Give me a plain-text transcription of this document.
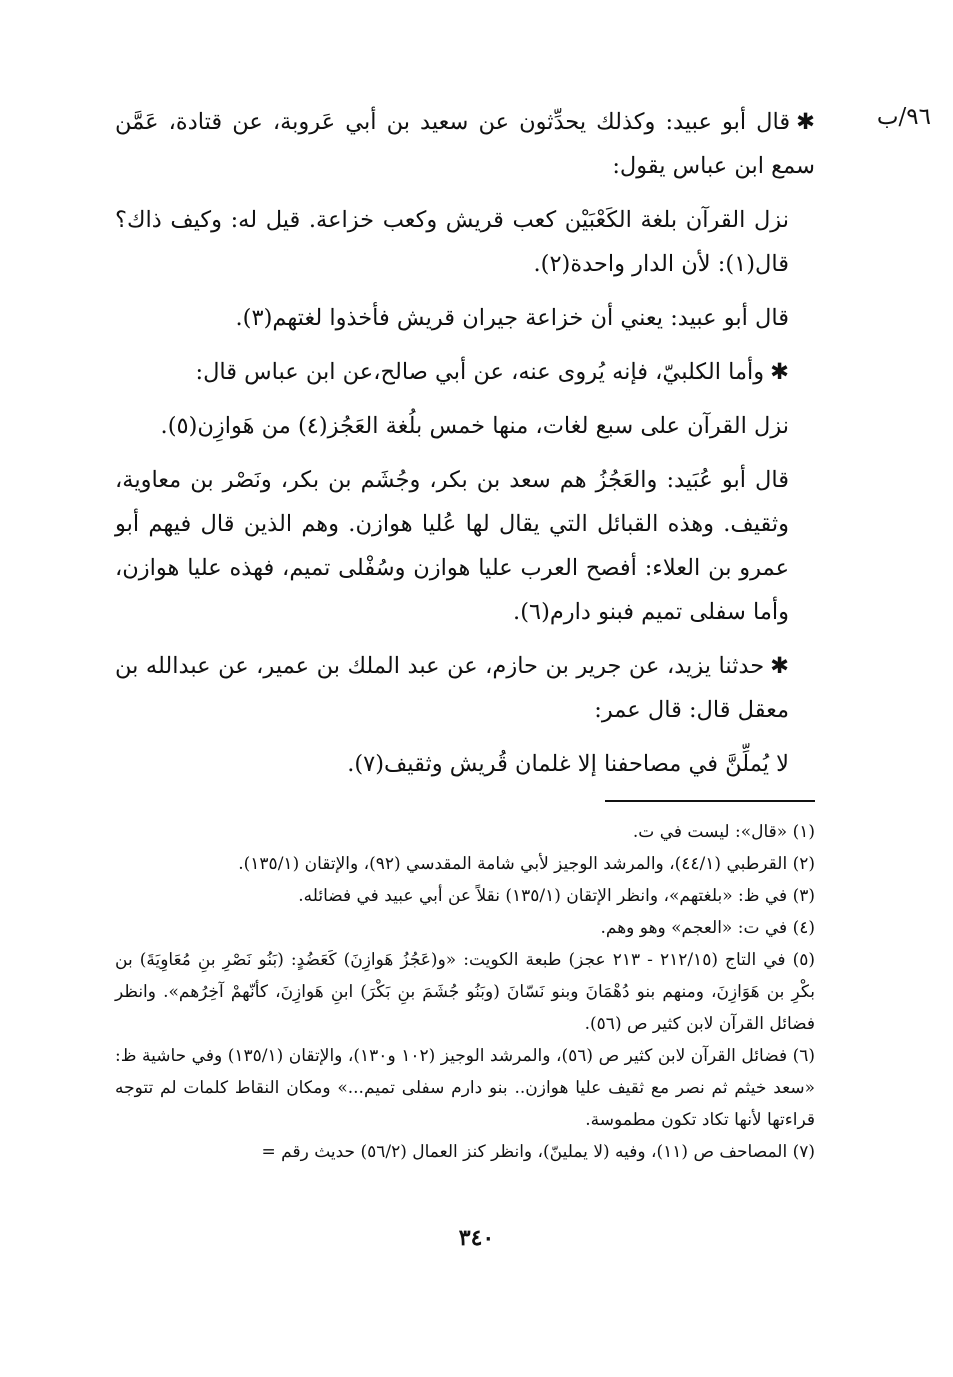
٩٦/ب

✱قال أبو عبيد: وكذلك يحدِّثون عن سعيد بن أبي عَروبة، عن قتادة، عَمَّن سمع ابن عباس يقول:

نزل القرآن بلغة الكَعْبَيْن كعب قريش وكعب خزاعة. قيل له: وكيف ذاك؟ قال(١): لأن الدار واحدة(٢).

قال أبو عبيد: يعني أن خزاعة جيران قريش فأخذوا لغتهم(٣).

✱وأما الكلبيّ، فإنه يُروى عنه، عن أبي صالح،عن ابن عباس قال:

نزل القرآن على سبع لغات، منها خمس بلُغة العَجُز(٤) من هَوازِن(٥).

قال أبو عُبَيد: والعَجُزُ هم سعد بن بكر، وجُشَم بن بكر، ونَصْر بن معاوية، وثقيف. وهذه القبائل التي يقال لها عُليا هوازن. وهم الذين قال فيهم أبو عمرو بن العلاء: أفصح العرب عليا هوازن وسُفْلى تميم، فهذه عليا هوازن، وأما سفلى تميم فبنو دارم(٦).

✱حدثنا يزيد، عن جرير بن حازم، عن عبد الملك بن عمير، عن عبدالله بن معقل قال: قال عمر:

لا يُملِّنَّ في مصاحفنا إلا غلمان قُريش وثقيف(٧).

(١) «قال»: ليست في ت.

(٢) القرطبي (٤٤/١)، والمرشد الوجيز لأبي شامة المقدسي (٩٢)، والإتقان (١٣٥/١).

(٣) في ظ: «بلغتهم»، وانظر الإتقان (١٣٥/١) نقلاً عن أبي عبيد في فضائله.

(٤) في ت: «العجم» وهو وهم.

(٥) في التاج (٢١٢/١٥ - ٢١٣ عجز) طبعة الكويت: «و(عَجُزُ هَوازِنَ) كَعَضُدٍ: (بَنُو نَصْرِ بنِ مُعَاوِيَةَ) بن بكْرِ بن هَوَازِنَ، ومنهم بنو دُهْمَانَ وبنو نَسّانَ (وبَنُو جُشَمَ بنِ بَكْرَ) ابنِ هَوازِنَ، كأنّهمْ آخِرُهم». وانظر فضائل القرآن لابن كثير ص (٥٦).

(٦) فضائل القرآن لابن كثير ص (٥٦)، والمرشد الوجيز (١٠٢ و١٣٠)، والإتقان (١٣٥/١) وفي حاشية ظ: «سعد خيثم ثم نصر مع ثقيف عليا هوازن.. بنو دارم سفلى تميم...» ومكان النقاط كلمات لم تتوجه قراءتها لأنها تكاد تكون مطموسة.

(٧) المصاحف ص (١١)، وفيه (لا يملينّ)، وانظر كنز العمال (٥٦/٢) حديث رقم =

٣٤٠
